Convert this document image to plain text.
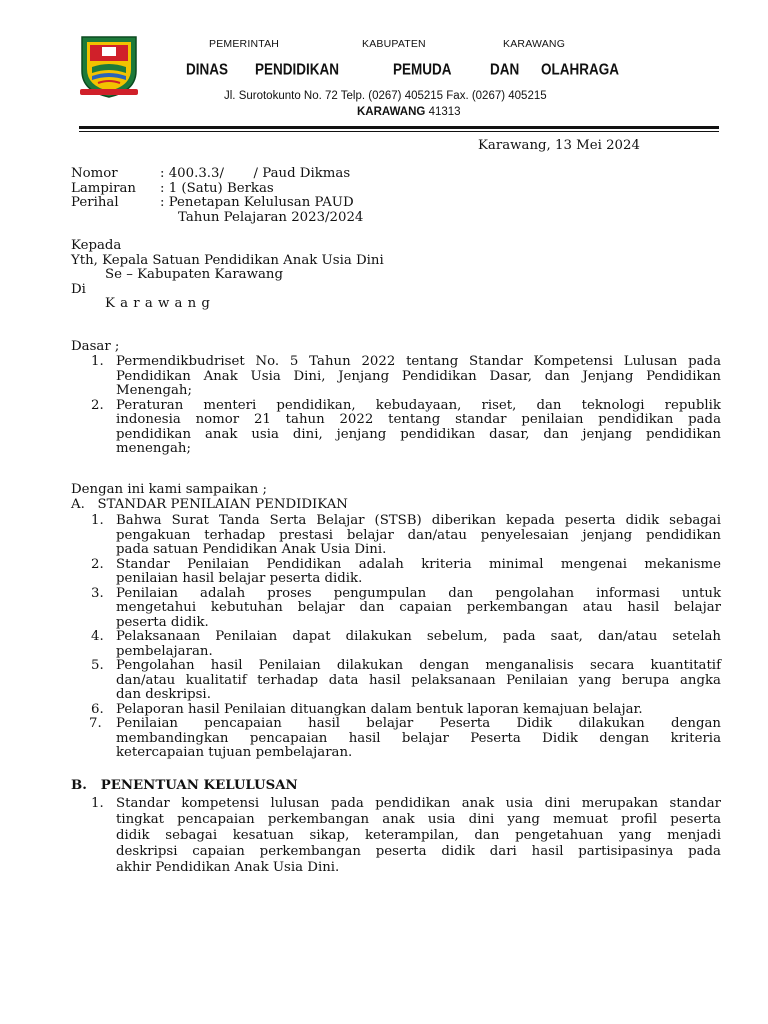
PEMERINTAH	KABUPATEN	KARAWANG
DINAS PENDIDIKAN	PEMUDA	DAN OLAHRAGA
Jl. Surotokunto No. 72 Telp. (0267) 405215 Fax. (0267) 405215
KARAWANG 41313
Karawang, 13 Mei 2024
Nomor	: 400.3.3/       / Paud Dikmas
Lampiran : 1 (Satu) Berkas
Perihal	: Penetapan Kelulusan PAUD
Tahun Pelajaran 2023/2024
Kepada
Yth, Kepala Satuan Pendidikan Anak Usia Dini
Se – Kabupaten Karawang
Di
Karawang
Dasar ;
1. Permendikbudriset No. 5 Tahun 2022 tentang Standar Kompetensi Lulusan pada
Pendidikan Anak Usia Dini, Jenjang Pendidikan Dasar, dan Jenjang Pendidikan
Menengah;
2. Peraturan menteri pendidikan, kebudayaan, riset, dan teknologi republik
indonesia nomor 21 tahun 2022 tentang standar penilaian pendidikan pada
pendidikan anak usia dini, jenjang pendidikan dasar, dan jenjang pendidikan
menengah;
Dengan ini kami sampaikan ;
A.   STANDAR PENILAIAN PENDIDIKAN
1. Bahwa Surat Tanda Serta Belajar (STSB) diberikan kepada peserta didik sebagai
pengakuan terhadap prestasi belajar dan/atau penyelesaian jenjang pendidikan
pada satuan Pendidikan Anak Usia Dini.
2. Standar Penilaian Pendidikan adalah kriteria minimal mengenai mekanisme
penilaian hasil belajar peserta didik.
3. Penilaian adalah proses pengumpulan dan pengolahan informasi untuk
mengetahui kebutuhan belajar dan capaian perkembangan atau hasil belajar
peserta didik.
4. Pelaksanaan Penilaian dapat dilakukan sebelum, pada saat, dan/atau setelah
pembelajaran.
5. Pengolahan hasil Penilaian dilakukan dengan menganalisis secara kuantitatif
dan/atau kualitatif terhadap data hasil pelaksanaan Penilaian yang berupa angka
dan deskripsi.
6. Pelaporan hasil Penilaian dituangkan dalam bentuk laporan kemajuan belajar.
7. Penilaian pencapaian hasil belajar Peserta Didik dilakukan dengan
membandingkan pencapaian hasil belajar Peserta Didik dengan kriteria
ketercapaian tujuan pembelajaran.
B.   PENENTUAN KELULUSAN
1. Standar kompetensi lulusan pada pendidikan anak usia dini merupakan standar
tingkat pencapaian perkembangan anak usia dini yang memuat profil peserta
didik sebagai kesatuan sikap, keterampilan, dan pengetahuan yang menjadi
deskripsi capaian perkembangan peserta didik dari hasil partisipasinya pada
akhir Pendidikan Anak Usia Dini.
